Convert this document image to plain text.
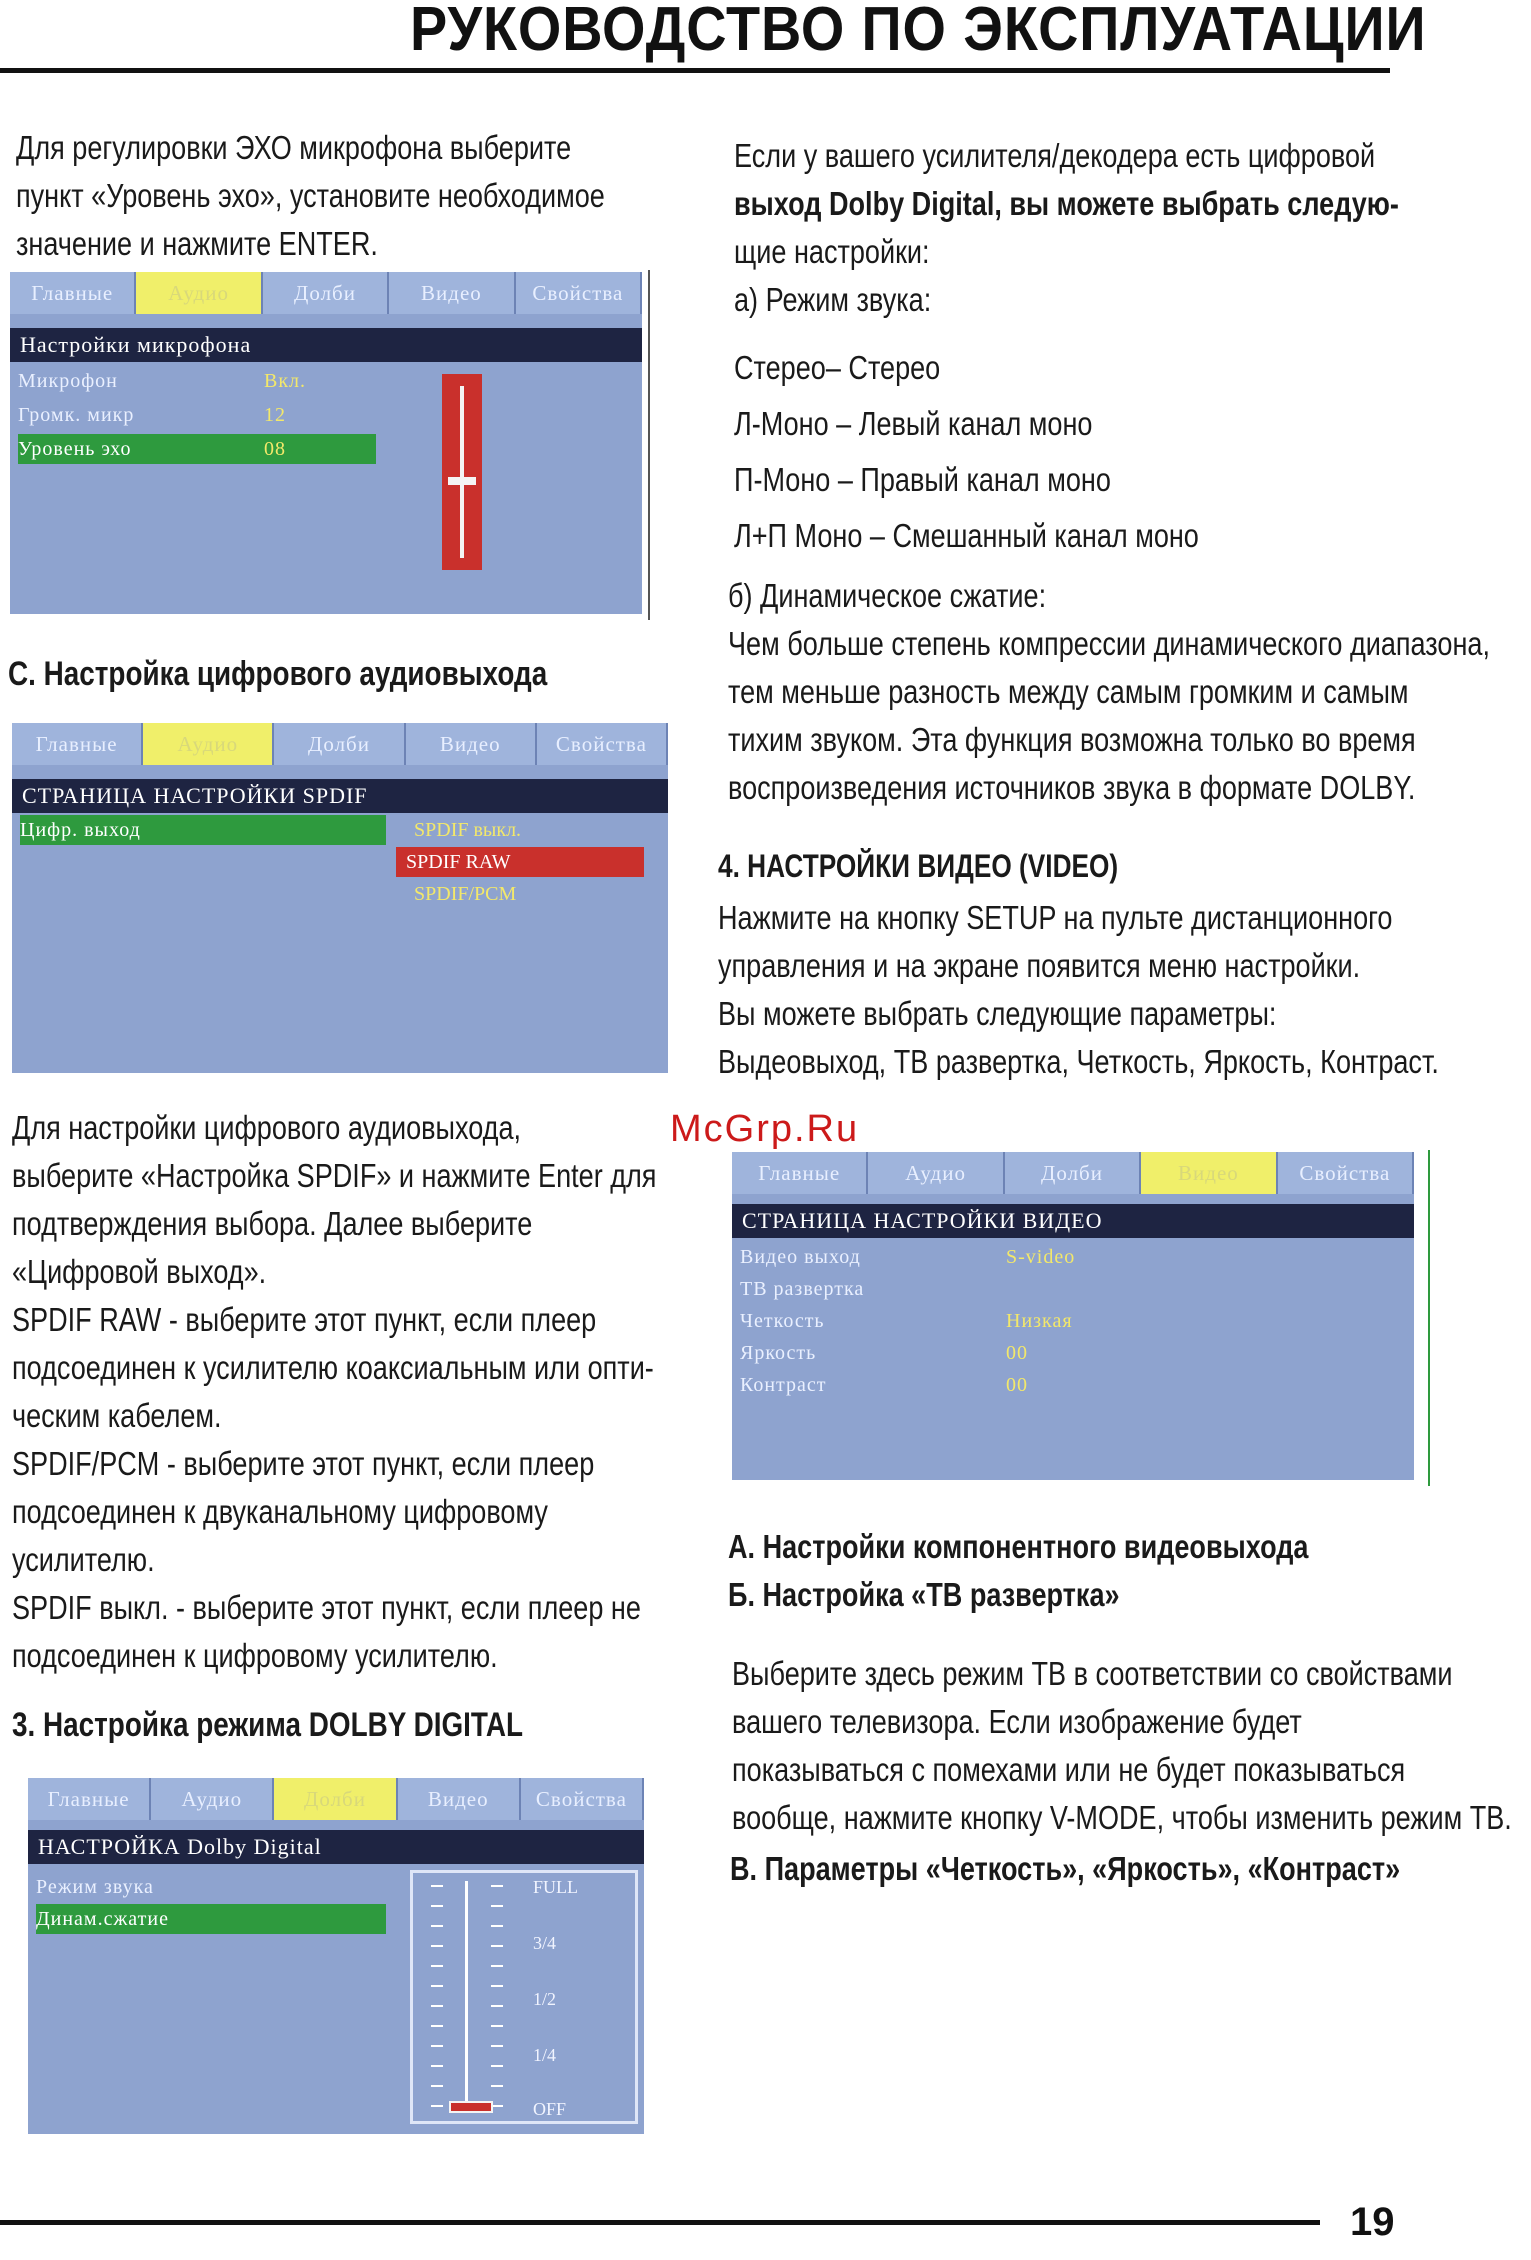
РУКОВОДСТВО ПО ЭКСПЛУАТАЦИИ

Для регулировки ЭХО микрофона выберите

пункт «Уровень эхо», установите необходимое

значение и нажмите ENTER.

Главные	Аудио	Долби	Видео	Свойства
Настройки микрофона
Микрофон	Вкл.
Громк. микр	12
Уровень эхо	08
С. Настройка цифрового аудиовыхода
Главные	Аудио	Долби	Видео	Свойства
СТРАНИЦА НАСТРОЙКИ SPDIF
Цифр. выход	SPDIF выкл.
SPDIF RAW
SPDIF/PCM

Для настройки цифрового аудиовыхода,

выберите «Настройка SPDIF» и нажмите Enter для

подтверждения выбора. Далее выберите

«Цифровой выход».

SPDIF RAW - выберите этот пункт, если плеер

подсоединен к усилителю коаксиальным или опти-

ческим кабелем.

SPDIF/PCM - выберите этот пункт, если плеер

подсоединен к двуканальному цифровому

усилителю.

SPDIF выкл. - выберите этот пункт, если плеер не

подсоединен к цифровому усилителю.

3. Настройка режима DOLBY DIGITAL
Главные	Аудио	Долби	Видео	Свойства
НАСТРОЙКА Dolby Digital
Режим звука
Динам.сжатие
FULL
3/4
1/2
1/4
OFF

Если у вашего усилителя/декодера есть цифровой

выход Dolby Digital, вы можете выбрать следую-

щие настройки:

а) Режим звука:

Стерео– Стерео

Л-Моно – Левый канал моно

П-Моно – Правый канал моно

Л+П Моно – Смешанный канал моно

б) Динамическое сжатие:

Чем больше степень компрессии динамического диапазона,

тем меньше разность между самым громким и самым

тихим звуком. Эта функция возможна только во время

воспроизведения источников звука в формате DOLBY.

4. НАСТРОЙКИ ВИДЕО (VIDEO)

Нажмите на кнопку SETUP на пульте дистанционного

управления и на экране появится меню настройки.

Вы можете выбрать следующие параметры:

Выдеовыход, ТВ развертка, Четкость, Яркость, Контраст.

McGrp.Ru
Главные	Аудио	Долби	Видео	Свойства
СТРАНИЦА НАСТРОЙКИ ВИДЕО
Видео выход	S-video
ТВ развертка
Четкость	Низкая
Яркость	00
Контраст	00
А. Настройки компонентного видеовыхода
Б. Настройка «ТВ развертка»

Выберите здесь режим ТВ в соответствии со свойствами

вашего телевизора. Если изображение будет

показываться с помехами или не будет показываться

вообще, нажмите кнопку V-MODE, чтобы изменить режим ТВ.

В. Параметры «Четкость», «Яркость», «Контраст»
19
